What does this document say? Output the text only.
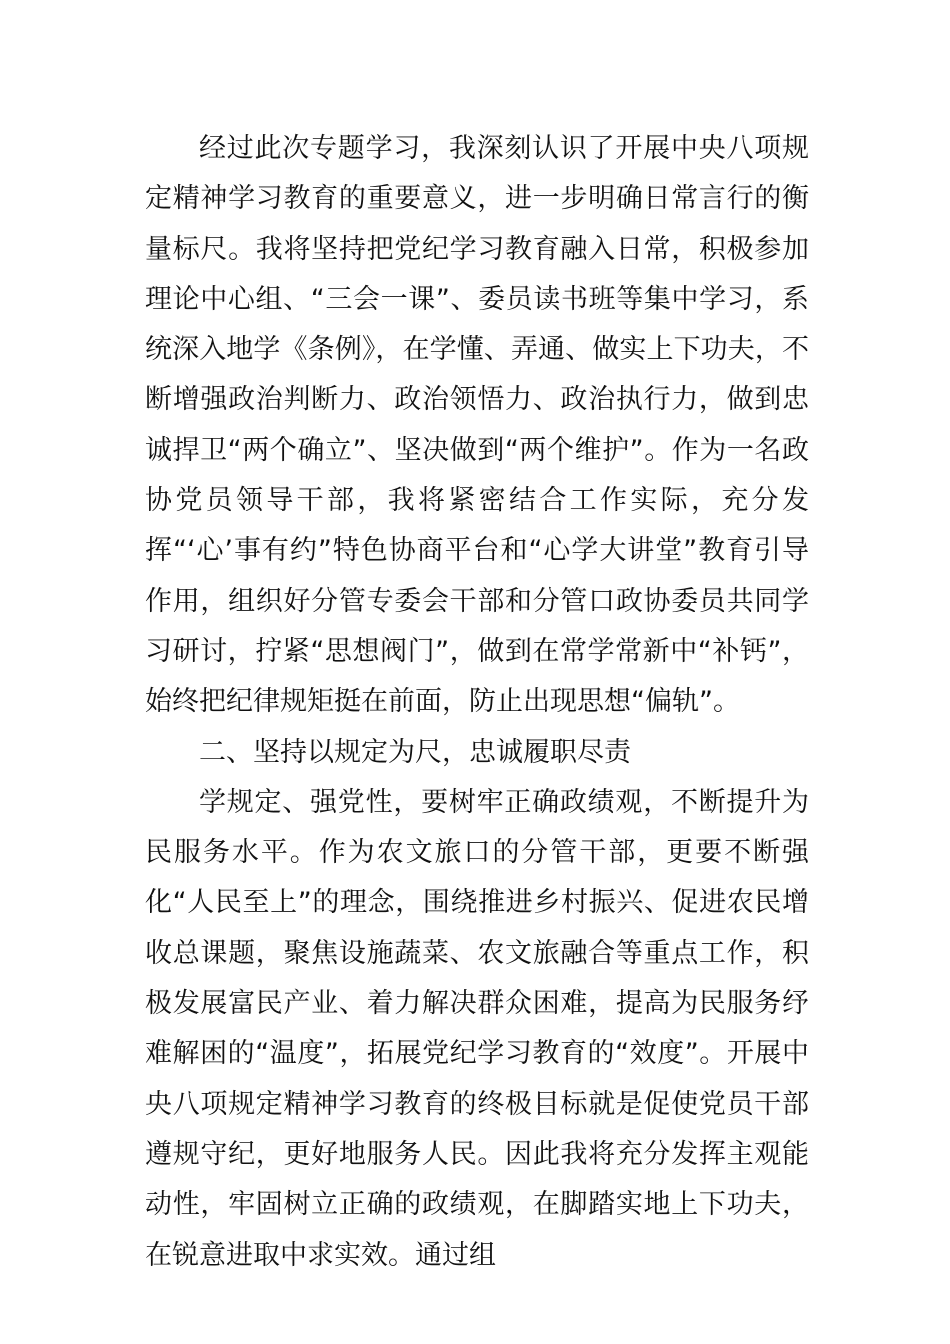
经过此次专题学习，我深刻认识了开展中央八项规定精神学习教育的重要意义，进一步明确日常言行的衡量标尺。我将坚持把党纪学习教育融入日常，积极参加理论中心组、“三会一课”、委员读书班等集中学习，系统深入地学《条例》，在学懂、弄通、做实上下功夫，不断增强政治判断力、政治领悟力、政治执行力，做到忠诚捍卫“两个确立”、坚决做到“两个维护”。作为一名政协党员领导干部，我将紧密结合工作实际，充分发挥“‘心’事有约”特色协商平台和“心学大讲堂”教育引导作用，组织好分管专委会干部和分管口政协委员共同学习研讨，拧紧“思想阀门”，做到在常学常新中“补钙”，始终把纪律规矩挺在前面，防止出现思想“偏轨”。

二、坚持以规定为尺，忠诚履职尽责

学规定、强党性，要树牢正确政绩观，不断提升为民服务水平。作为农文旅口的分管干部，更要不断强化“人民至上”的理念，围绕推进乡村振兴、促进农民增收总课题，聚焦设施蔬菜、农文旅融合等重点工作，积极发展富民产业、着力解决群众困难，提高为民服务纾难解困的“温度”，拓展党纪学习教育的“效度”。开展中央八项规定精神学习教育的终极目标就是促使党员干部遵规守纪，更好地服务人民。因此我将充分发挥主观能动性，牢固树立正确的政绩观，在脚踏实地上下功夫，在锐意进取中求实效。通过组
